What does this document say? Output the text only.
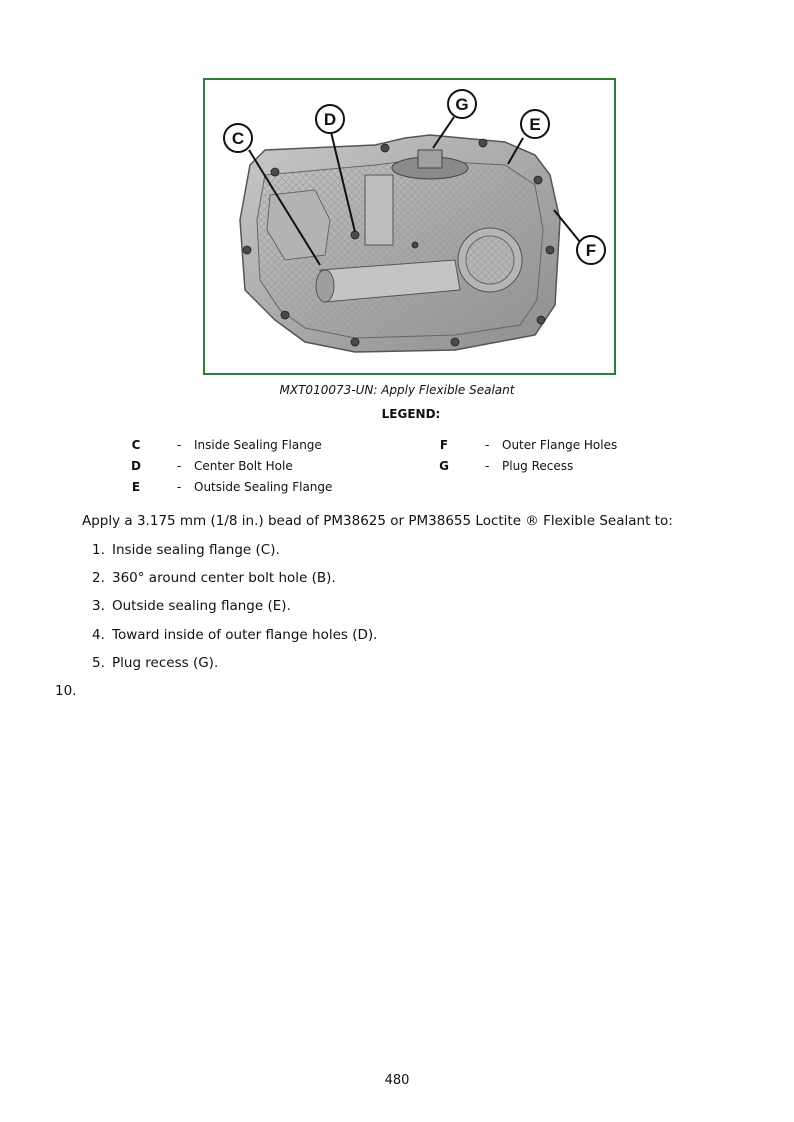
C
D
G
E
F
MXT010073-UN: Apply Flexible Sealant
LEGEND:
C	- Inside Sealing Flange
D	- Center Bolt Hole
E	- Outside Sealing Flange
F	- Outer Flange Holes
G	- Plug Recess
Apply a 3.175 mm (1/8 in.) bead of PM38625 or PM38655 Loctite ® Flexible Sealant to:
1. Inside sealing flange (C).
2. 360° around center bolt hole (B).
3. Outside sealing flange (E).
4. Toward inside of outer flange holes (D).
5. Plug recess (G).
10.
480
